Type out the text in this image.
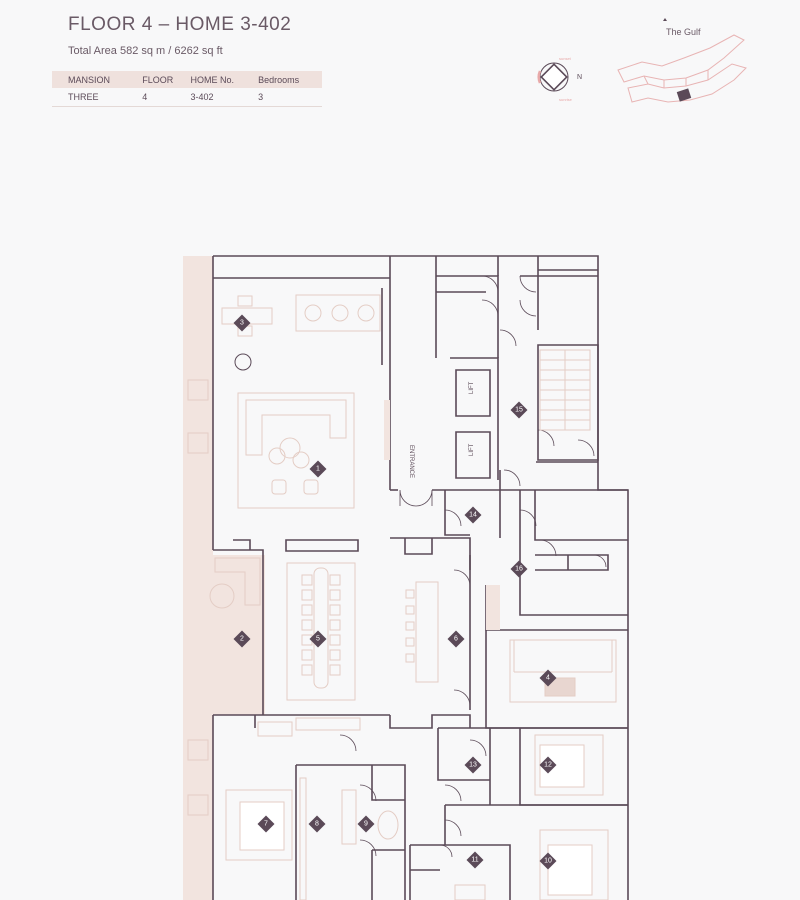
FLOOR 4 – HOME 3-402
Total Area 582 sq m / 6262 sq ft
MANSION	FLOOR	HOME No.	Bedrooms
THREE	4	3-402	3
N
sunset
sunrise
The Gulf
LIFT
LIFT
ENTRANCE
1
2
3
4
5	6
7	8	9
10
11
12
13
14
15
16
